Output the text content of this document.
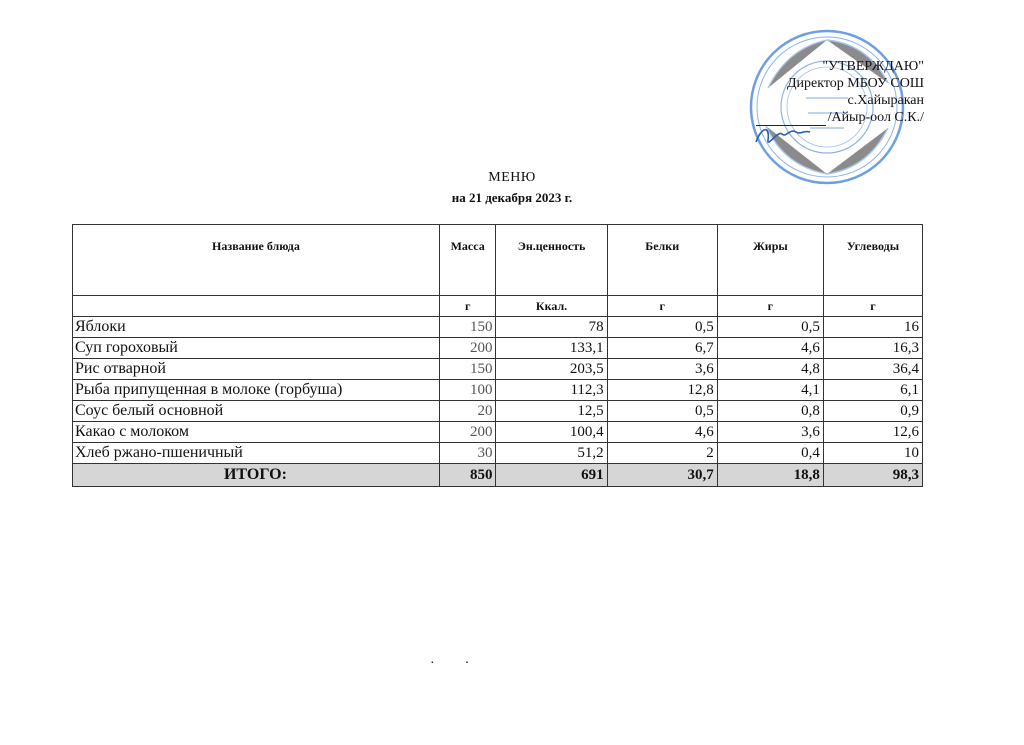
"УТВЕРЖДАЮ"
Директор МБОУ СОШ
с.Хайыракан
/Айыр-оол С.К./
МЕНЮ
на 21 декабря 2023 г.
Название блюда	Масса	Эн.ценность	Белки	Жиры	Углеводы
	г	Ккал.	г	г	г
Яблоки	150	78	0,5	0,5	16
Суп гороховый	200	133,1	6,7	4,6	16,3
Рис отварной	150	203,5	3,6	4,8	36,4
Рыба припущенная в молоке (горбуша)	100	112,3	12,8	4,1	6,1
Соус белый основной	20	12,5	0,5	0,8	0,9
Какао с молоком	200	100,4	4,6	3,6	12,6
Хлеб ржано-пшеничный	30	51,2	2	0,4	10
ИТОГО:	850	691	30,7	18,8	98,3
··
